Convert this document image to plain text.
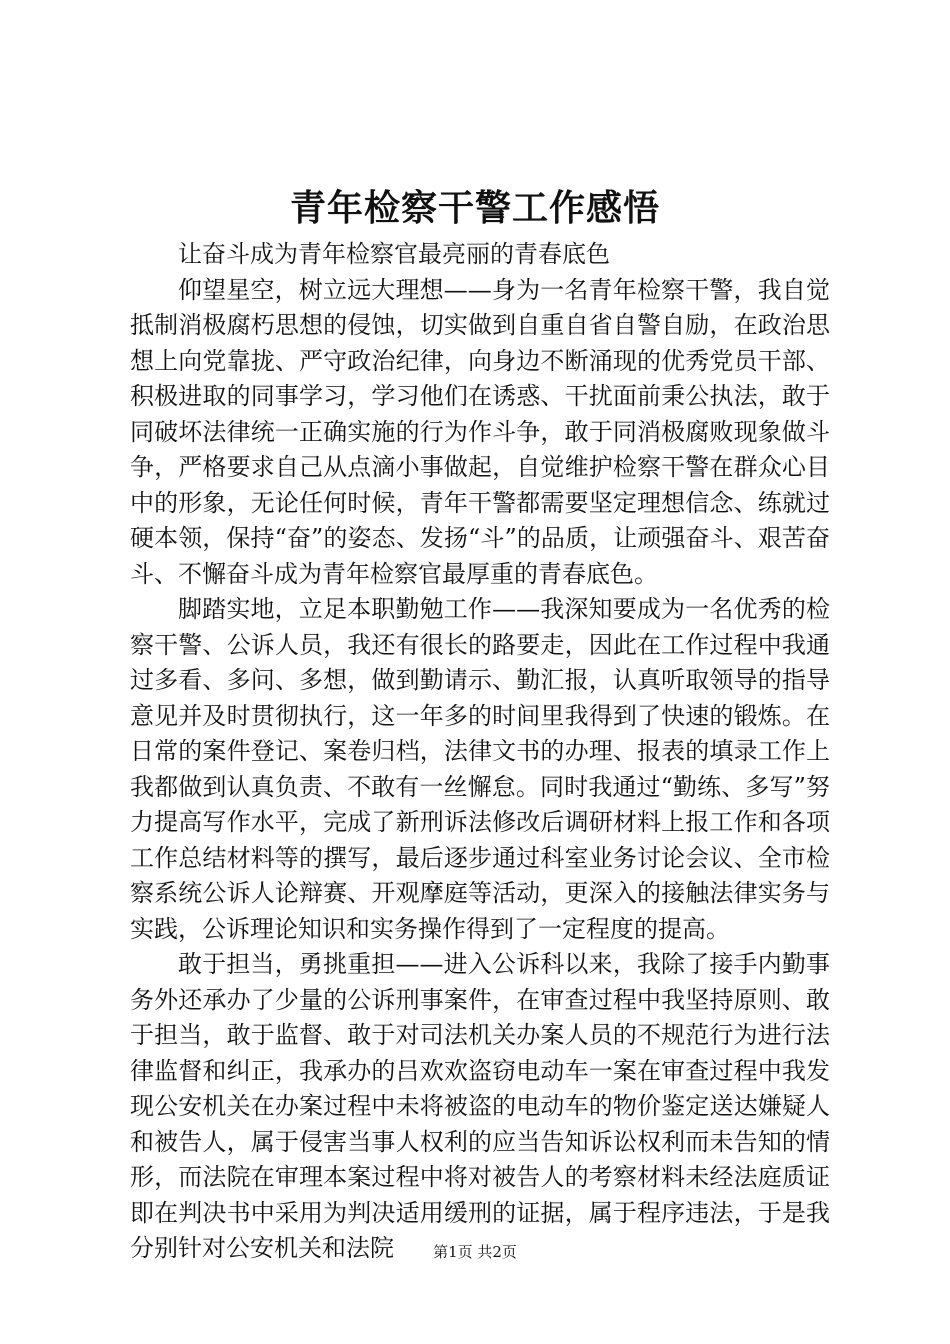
青年检察干警工作感悟

让奋斗成为青年检察官最亮丽的青春底色

仰望星空，树立远大理想——身为一名青年检察干警，我自觉抵制消极腐朽思想的侵蚀，切实做到自重自省自警自励，在政治思想上向党靠拢、严守政治纪律，向身边不断涌现的优秀党员干部、积极进取的同事学习，学习他们在诱惑、干扰面前秉公执法，敢于同破坏法律统一正确实施的行为作斗争，敢于同消极腐败现象做斗争，严格要求自己从点滴小事做起，自觉维护检察干警在群众心目中的形象，无论任何时候，青年干警都需要坚定理想信念、练就过硬本领，保持“奋”的姿态、发扬“斗”的品质，让顽强奋斗、艰苦奋斗、不懈奋斗成为青年检察官最厚重的青春底色。

脚踏实地，立足本职勤勉工作——我深知要成为一名优秀的检察干警、公诉人员，我还有很长的路要走，因此在工作过程中我通过多看、多问、多想，做到勤请示、勤汇报，认真听取领导的指导意见并及时贯彻执行，这一年多的时间里我得到了快速的锻炼。在日常的案件登记、案卷归档，法律文书的办理、报表的填录工作上我都做到认真负责、不敢有一丝懈怠。同时我通过“勤练、多写”努力提高写作水平，完成了新刑诉法修改后调研材料上报工作和各项工作总结材料等的撰写，最后逐步通过科室业务讨论会议、全市检察系统公诉人论辩赛、开观摩庭等活动，更深入的接触法律实务与实践，公诉理论知识和实务操作得到了一定程度的提高。

敢于担当，勇挑重担——进入公诉科以来，我除了接手内勤事务外还承办了少量的公诉刑事案件，在审查过程中我坚持原则、敢于担当，敢于监督、敢于对司法机关办案人员的不规范行为进行法律监督和纠正，我承办的吕欢欢盗窃电动车一案在审查过程中我发现公安机关在办案过程中未将被盗的电动车的物价鉴定送达嫌疑人和被告人，属于侵害当事人权利的应当告知诉讼权利而未告知的情形，而法院在审理本案过程中将对被告人的考察材料未经法庭质证即在判决书中采用为判决适用缓刑的证据，属于程序违法，于是我分别针对公安机关和法院	第1页 共2页
